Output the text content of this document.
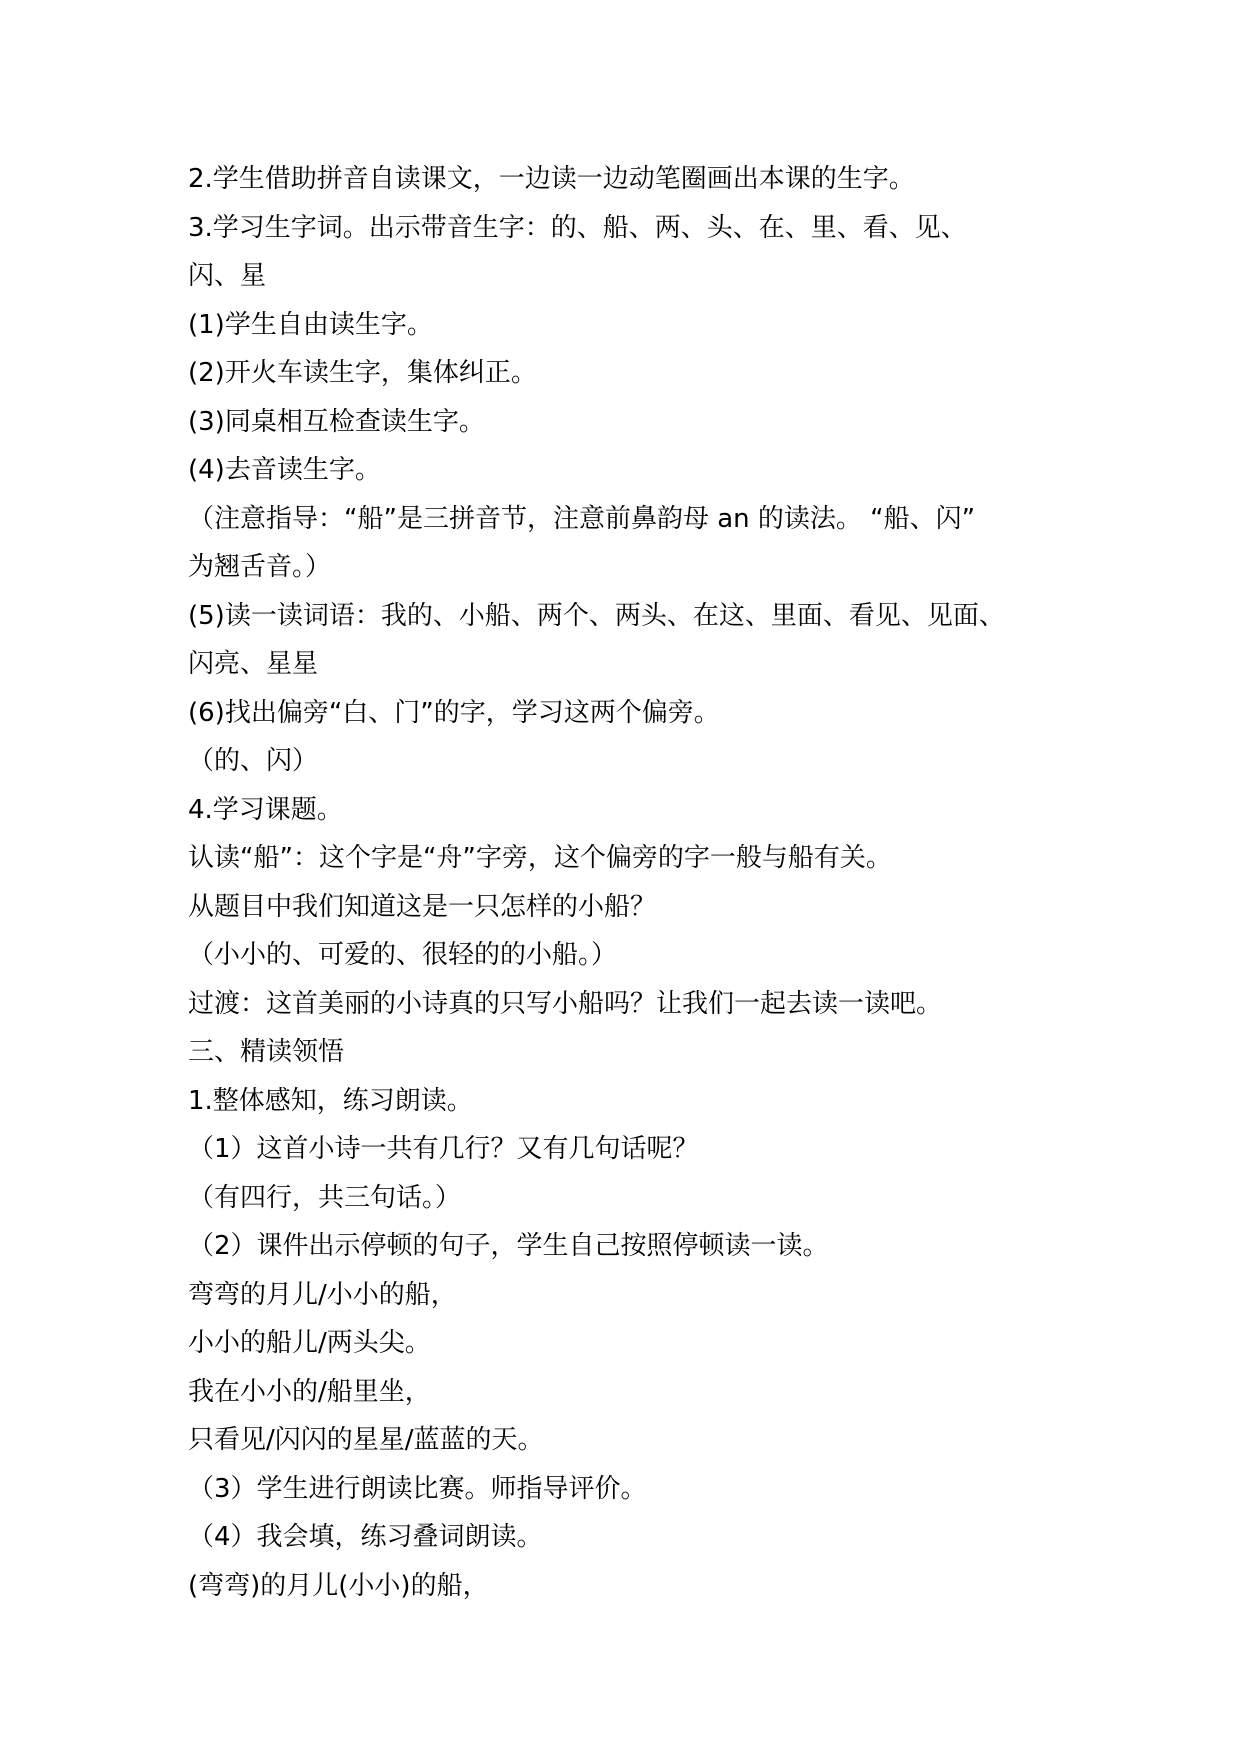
2.学生借助拼音自读课文，一边读一边动笔圈画出本课的生字。

3.学习生字词。出示带音生字：的、船、两、头、在、里、看、见、

闪、星

(1)学生自由读生字。

(2)开火车读生字，集体纠正。

(3)同桌相互检查读生字。

(4)去音读生字。

（注意指导：“船”是三拼音节，注意前鼻韵母 an 的读法。 “船、闪”

为翘舌音。）

(5)读一读词语：我的、小船、两个、两头、在这、里面、看见、见面、

闪亮、星星

(6)找出偏旁“白、门”的字，学习这两个偏旁。

（的、闪）

4.学习课题。

认读“船”：这个字是“舟”字旁，这个偏旁的字一般与船有关。

从题目中我们知道这是一只怎样的小船？

（小小的、可爱的、很轻的的小船。）

过渡：这首美丽的小诗真的只写小船吗？让我们一起去读一读吧。

三、精读领悟

1.整体感知，练习朗读。

（1）这首小诗一共有几行？又有几句话呢？

（有四行，共三句话。）

（2）课件出示停顿的句子，学生自己按照停顿读一读。

弯弯的月儿/小小的船，

小小的船儿/两头尖。

我在小小的/船里坐，

只看见/闪闪的星星/蓝蓝的天。

（3）学生进行朗读比赛。师指导评价。

（4）我会填，练习叠词朗读。

(弯弯)的月儿(小小)的船，
